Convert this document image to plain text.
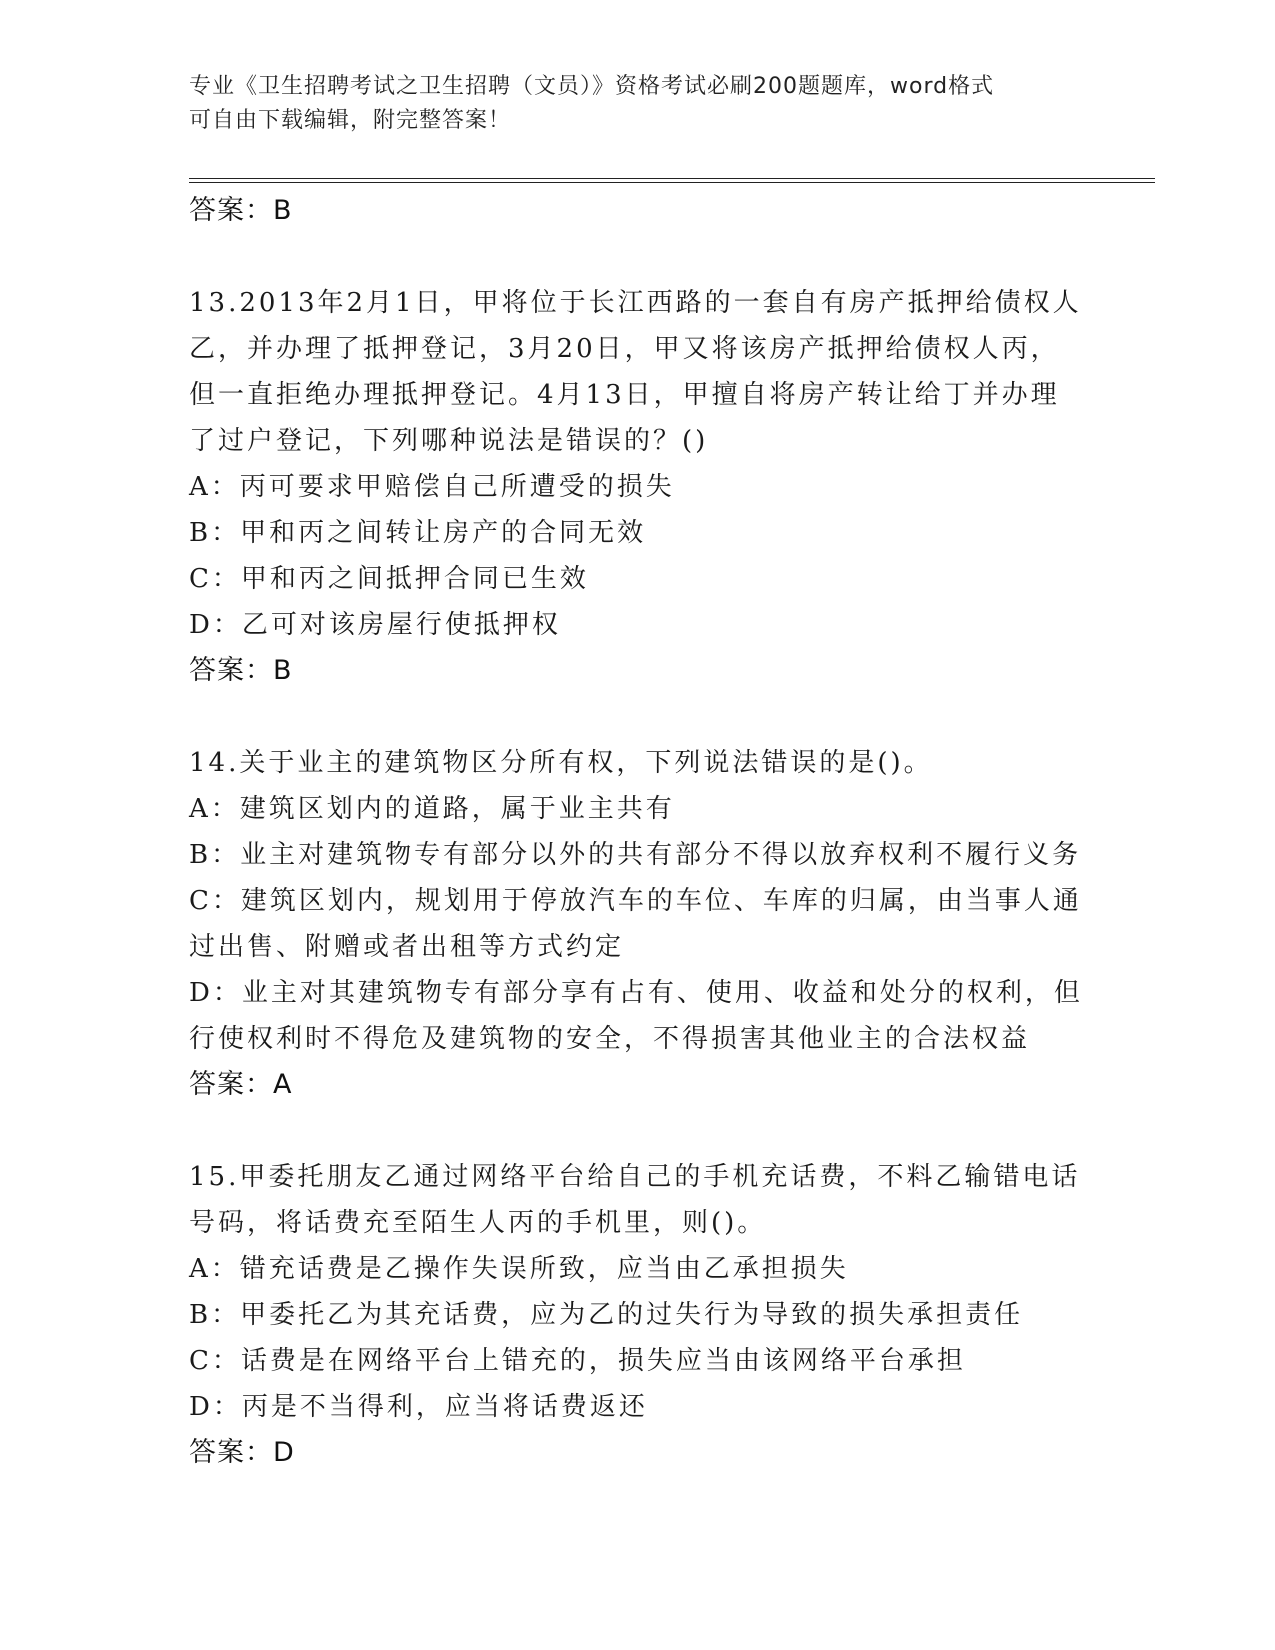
专业《卫生招聘考试之卫生招聘（文员）》资格考试必刷200题题库，word格式
可自由下载编辑，附完整答案！
答案：B
13.2013年2月1日，甲将位于长江西路的一套自有房产抵押给债权人
乙，并办理了抵押登记，3月20日，甲又将该房产抵押给债权人丙，
但一直拒绝办理抵押登记。4月13日，甲擅自将房产转让给丁并办理
了过户登记，下列哪种说法是错误的？()
A：丙可要求甲赔偿自己所遭受的损失
B：甲和丙之间转让房产的合同无效
C：甲和丙之间抵押合同已生效
D：乙可对该房屋行使抵押权
答案：B
14.关于业主的建筑物区分所有权，下列说法错误的是()。
A：建筑区划内的道路，属于业主共有
B：业主对建筑物专有部分以外的共有部分不得以放弃权利不履行义务
C：建筑区划内，规划用于停放汽车的车位、车库的归属，由当事人通
过出售、附赠或者出租等方式约定
D：业主对其建筑物专有部分享有占有、使用、收益和处分的权利，但
行使权利时不得危及建筑物的安全，不得损害其他业主的合法权益
答案：A
15.甲委托朋友乙通过网络平台给自己的手机充话费，不料乙输错电话
号码，将话费充至陌生人丙的手机里，则()。
A：错充话费是乙操作失误所致，应当由乙承担损失
B：甲委托乙为其充话费，应为乙的过失行为导致的损失承担责任
C：话费是在网络平台上错充的，损失应当由该网络平台承担
D：丙是不当得利，应当将话费返还
答案：D
